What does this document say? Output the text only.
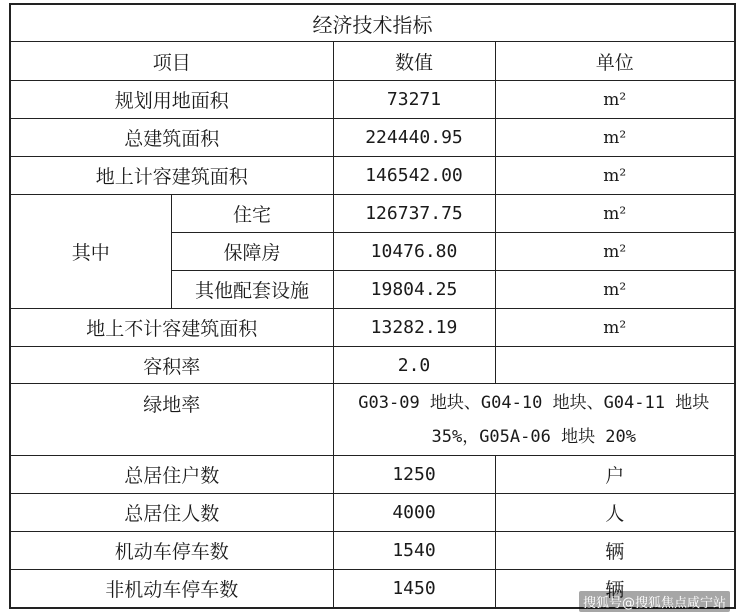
经济技术指标			
项目		数值	单位
规划用地面积		73271	m²
总建筑面积		224440.95	m²
地上计容建筑面积		146542.00	m²
其中	住宅	126737.75	m²
	保障房	10476.80	m²
	其他配套设施	19804.25	m²
地上不计容建筑面积		13282.19	m²
容积率		2.0	
绿地率		G03-09 地块、G04-10 地块、G04-11 地块 35%，G05A-06 地块 20%	
总居住户数		1250	户
总居住人数		4000	人
机动车停车数		1540	辆
非机动车停车数		1450	辆
搜狐号@搜狐焦点咸宁站
